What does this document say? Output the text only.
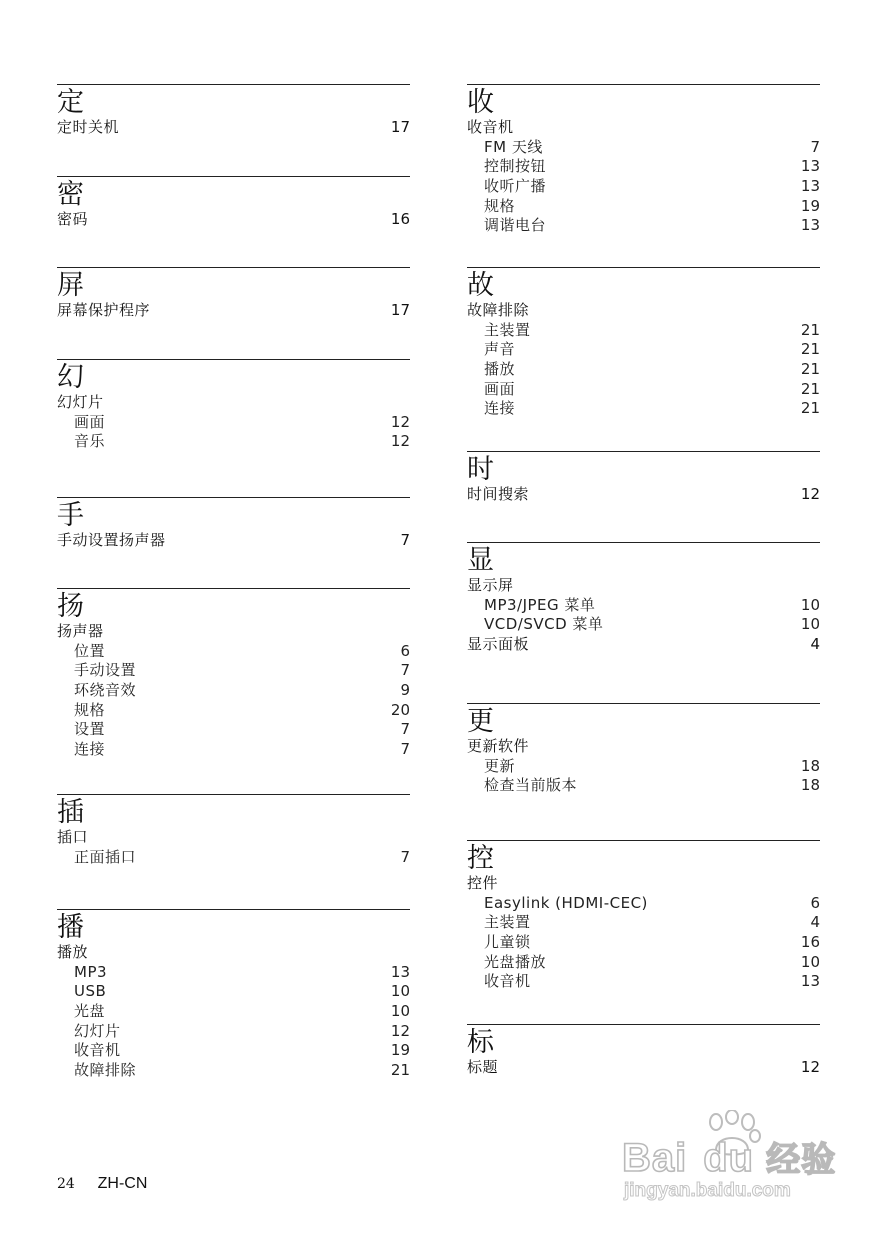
定
定时关机	17
密
密码	16
屏
屏幕保护程序	17
幻
幻灯片
画面	12
音乐	12
手
手动设置扬声器	7
扬
扬声器
位置	6
手动设置	7
环绕音效	9
规格	20
设置	7
连接	7
插
插口
正面插口	7
播
播放
MP3	13
USB	10
光盘	10
幻灯片	12
收音机	19
故障排除	21
收
收音机
FM 天线	7
控制按钮	13
收听广播	13
规格	19
调谐电台	13
故
故障排除
主装置	21
声音	21
播放	21
画面	21
连接	21
时
时间搜索	12
显
显示屏
MP3/JPEG 菜单	10
VCD/SVCD 菜单	10
显示面板	4
更
更新软件
更新	18
检查当前版本	18
控
控件
Easylink (HDMI-CEC)	6
主装置	4
儿童锁	16
光盘播放	10
收音机	13
标
标题	12
24 ZH-CN
Bai du 经验
jingyan.baidu.com
